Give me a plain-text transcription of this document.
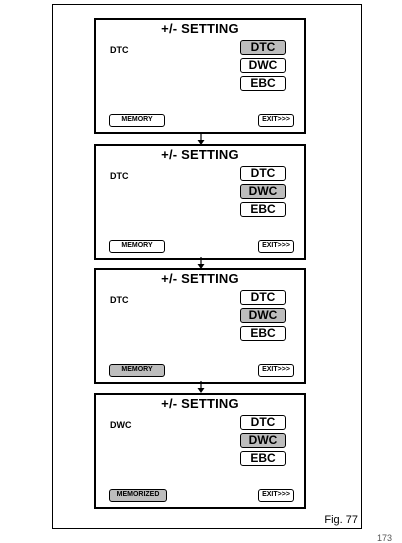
+/- SETTING
DTC	DTC
DWC
EBC
MEMORY	EXIT>>>
+/- SETTING
DTC	DTC
DWC
EBC
MEMORY	EXIT>>>
+/- SETTING
DTC	DTC
DWC
EBC
MEMORY	EXIT>>>
+/- SETTING
DWC	DTC
DWC
EBC
MEMORIZED	EXIT>>>
Fig. 77
173
